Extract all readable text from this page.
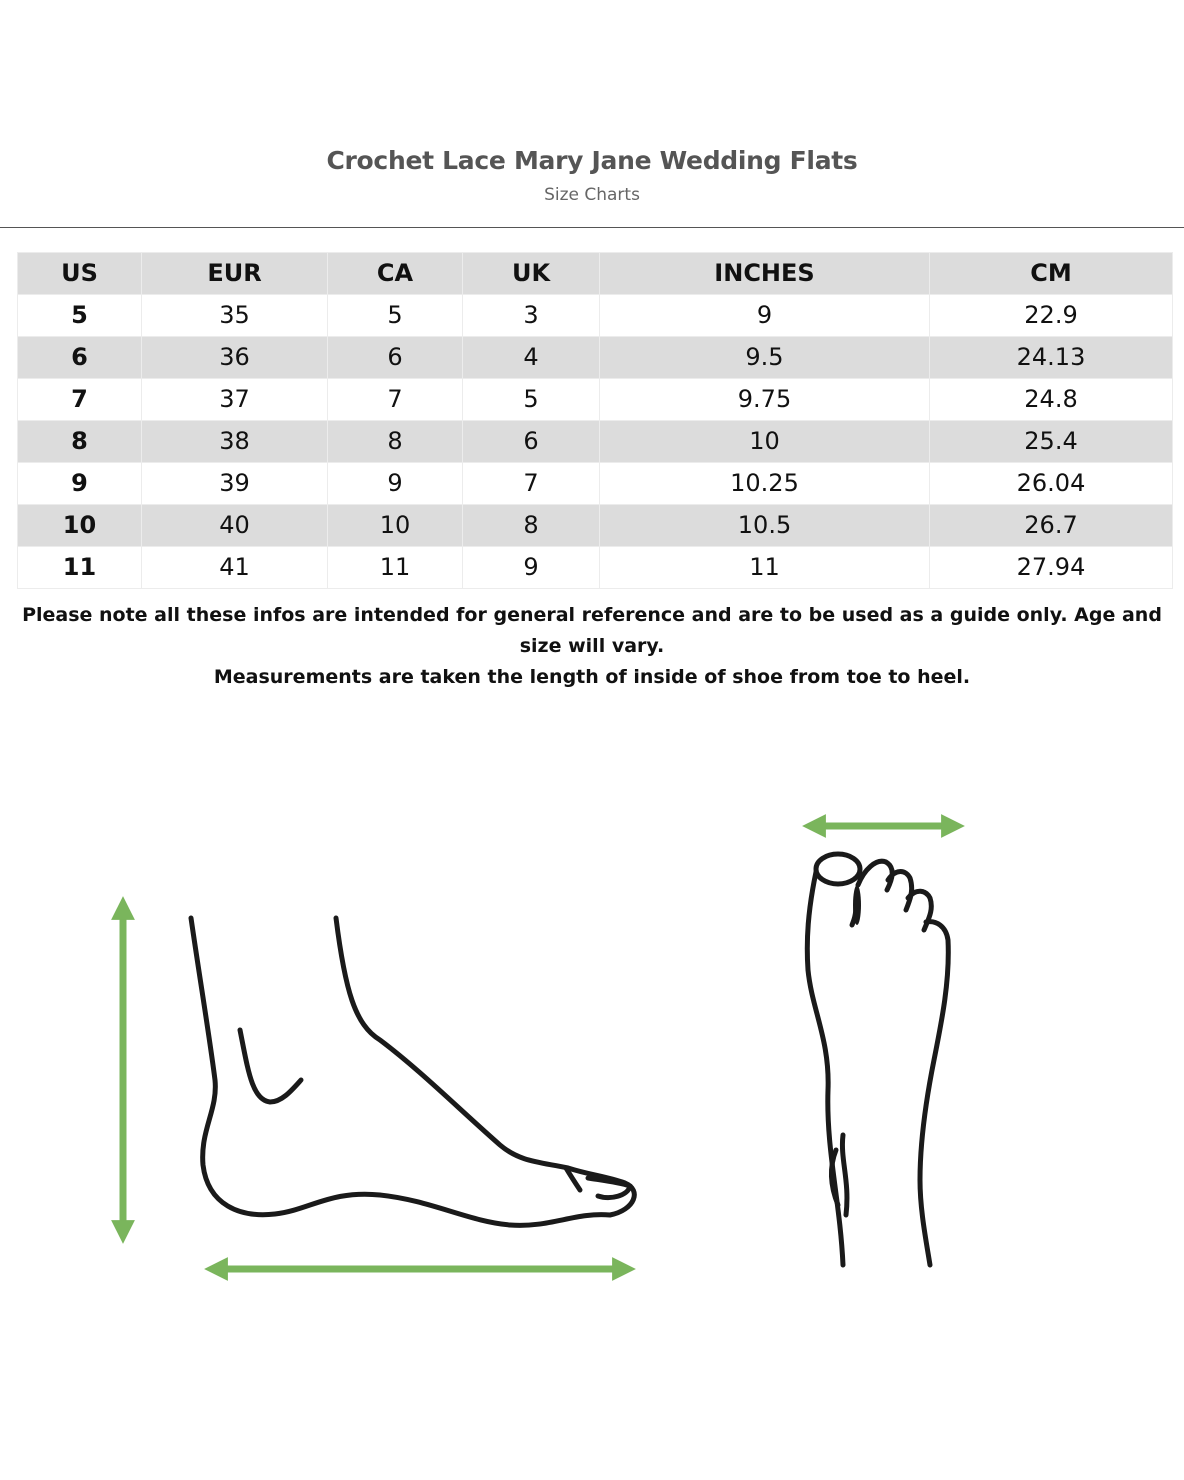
Crochet Lace Mary Jane Wedding Flats
Size Charts
US	EUR	CA	UK	INCHES	CM
5	35	5	3	9	22.9
6	36	6	4	9.5	24.13
7	37	7	5	9.75	24.8
8	38	8	6	10	25.4
9	39	9	7	10.25	26.04
10	40	10	8	10.5	26.7
11	41	11	9	11	27.94
Please note all these infos are intended for general reference and are to be used as a guide only. Age and size will vary.
Measurements are taken the length of inside of shoe from toe to heel.
